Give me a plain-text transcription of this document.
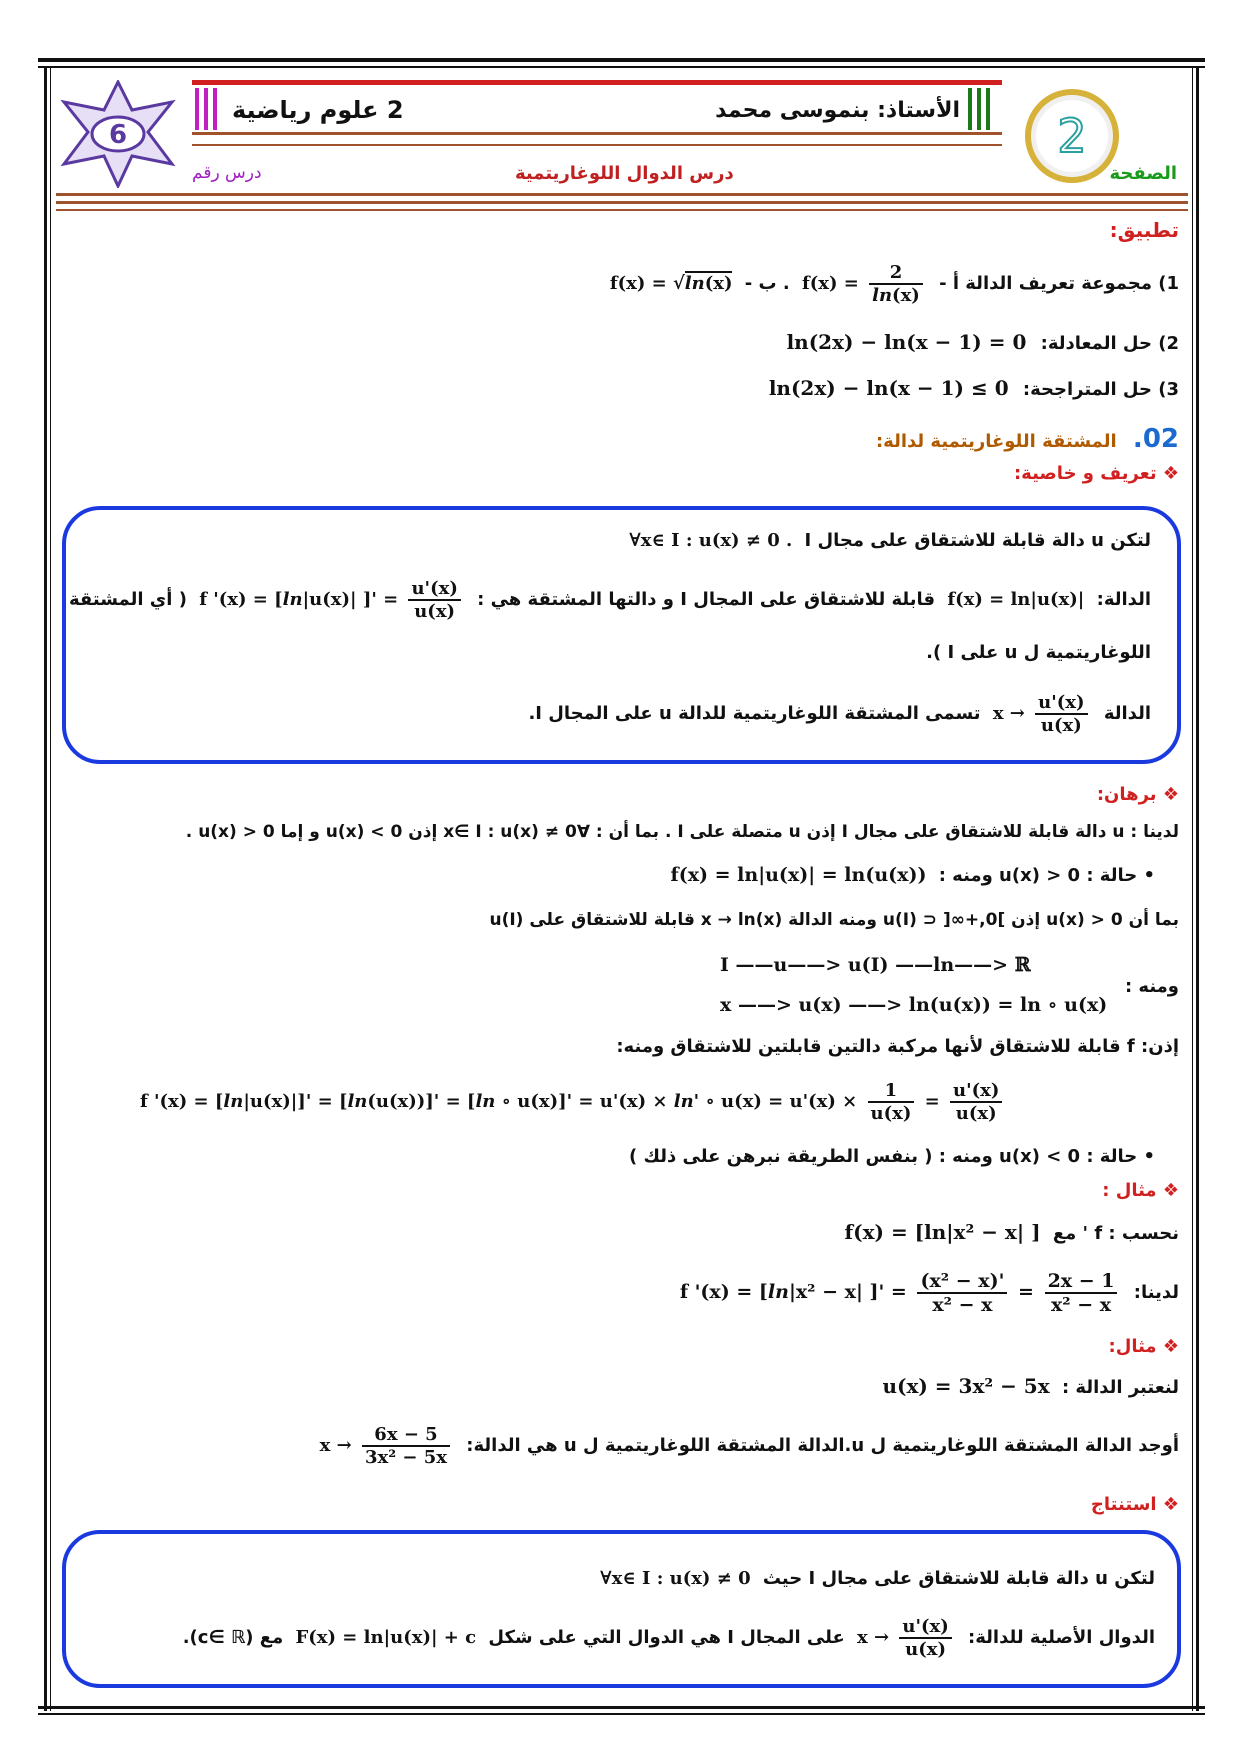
6
2 علوم رياضية	الأستاذ: بنموسى محمد 2
درس رقم	درس الدوال اللوغاريتمية	الصفحة
تطبيق:
1) مجموعة تعريف الدالة أ - $f(x) = \frac{2}{\ln(x)}$
. ب - f(x) = √ln(x)
2) حل المعادلة: ln(2x) − ln(x − 1) = 0
3) حل المتراجحة: ln(2x) − ln(x − 1) ≤ 0
02. المشتقة اللوغاريتمية لدالة:
❖ تعريف و خاصية:
لتكن u دالة قابلة للاشتقاق على مجال I ∀x∈ I : u(x) ≠ 0 .
الدالة: f(x) = ln|u(x)| قابلة للاشتقاق على المجال I و دالتها المشتقة هي : f '(x) = [ln|u(x)| ]' = $\frac{u'(x)}{u(x)}$
( أي المشتقة
اللوغاريتمية ل u على I ).
الدالة $x \to \frac{u'(x)}{u(x)}$
تسمى المشتقة اللوغاريتمية للدالة u على المجال I.
❖ برهان:
لدينا : u دالة قابلة للاشتقاق على مجال I إذن u متصلة على I . بما أن : ∀x∈ I : u(x) ≠ 0 إذن u(x) < 0 و إما u(x) > 0 .
• حالة : u(x) > 0 ومنه : f(x) = ln|u(x)| = ln(u(x))
بما أن u(x) > 0 إذن ]0,+∞[ ⊂ u(I) ومنه الدالة x → ln(x) قابلة للاشتقاق على u(I)
ومنه :
I ——u——> u(I) ——ln——> ℝ
x ——> u(x) ——> ln(u(x)) = ln ∘ u(x)
إذن: f قابلة للاشتقاق لأنها مركبة دالتين قابلتين للاشتقاق ومنه:
f '(x) = [ln|u(x)|]' = [ln(u(x))]' = [ln ∘ u(x)]' = u'(x) × ln' ∘ $u(x) = u'(x) \times \frac{1}{u(x)} = \frac{u'(x)}{u(x)}$
• حالة : u(x) < 0 ومنه : ( بنفس الطريقة نبرهن على ذلك )
❖ مثال :
نحسب : f ' مع f(x) = [ln|x² − x| ]
لدينا: f '(x) = [ln|x² − x| ]' = $\frac{\text{(x² − x)'}}{\text{x² − x}} = \frac{2x - 1}{\text{x² − x}}$
❖ مثال:
لنعتبر الدالة : u(x) = 3x² − 5x
أوجد الدالة المشتقة اللوغاريتمية ل u.الدالة المشتقة اللوغاريتمية ل u هي الدالة: $x \to \frac{6x - 5}{\text{3x² − 5x}}$
❖ استنتاج
لتكن u دالة قابلة للاشتقاق على مجال I حيث ∀x∈ I : u(x) ≠ 0
الدوال الأصلية للدالة: $x \to \frac{u'(x)}{u(x)}$
على المجال I هي الدوال التي على شكل F(x) = ln|u(x)| + c مع (c∈ ℝ).
